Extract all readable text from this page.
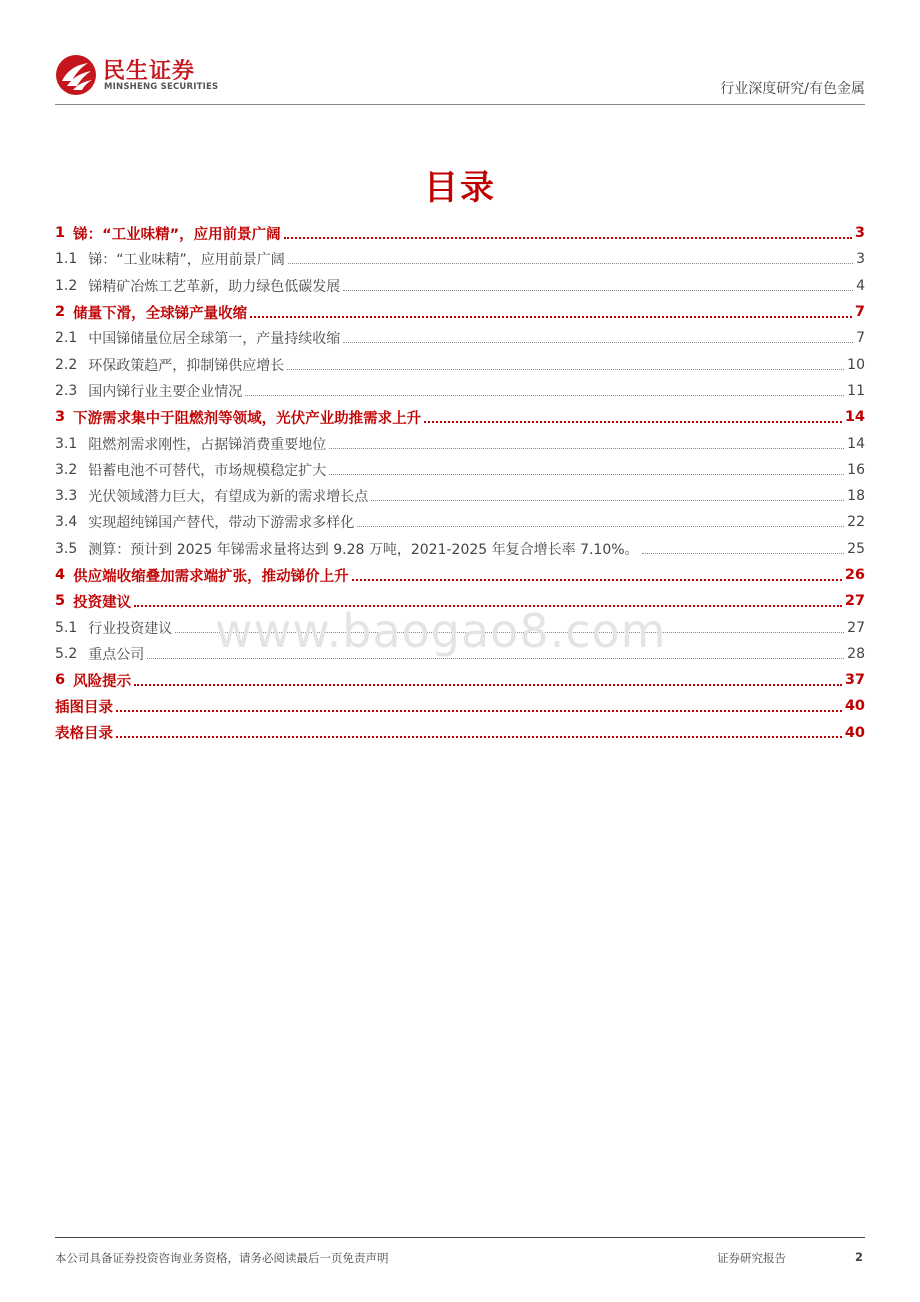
民生证券
MINSHENG SECURITIES	行业深度研究/有色金属
目录
1 锑：“工业味精”，应用前景广阔	3
1.1 锑：“工业味精”，应用前景广阔	3
1.2 锑精矿冶炼工艺革新，助力绿色低碳发展	4
2 储量下滑，全球锑产量收缩	7
2.1 中国锑储量位居全球第一，产量持续收缩	7
2.2 环保政策趋严，抑制锑供应增长	10
2.3 国内锑行业主要企业情况	11
3 下游需求集中于阻燃剂等领域，光伏产业助推需求上升	14
3.1 阻燃剂需求刚性，占据锑消费重要地位	14
3.2 铅蓄电池不可替代，市场规模稳定扩大	16
3.3 光伏领域潜力巨大，有望成为新的需求增长点	18
3.4 实现超纯锑国产替代，带动下游需求多样化	22
3.5 测算：预计到 2025 年锑需求量将达到 9.28 万吨，2021-2025 年复合增长率 7.10%。	25
4 供应端收缩叠加需求端扩张，推动锑价上升	26
5 投资建议	27
5.1 行业投资建议	27
5.2 重点公司	28
6 风险提示	37
插图目录	40
表格目录	40
www.baogao8.com
本公司具备证券投资咨询业务资格，请务必阅读最后一页免责声明	证券研究报告	2
